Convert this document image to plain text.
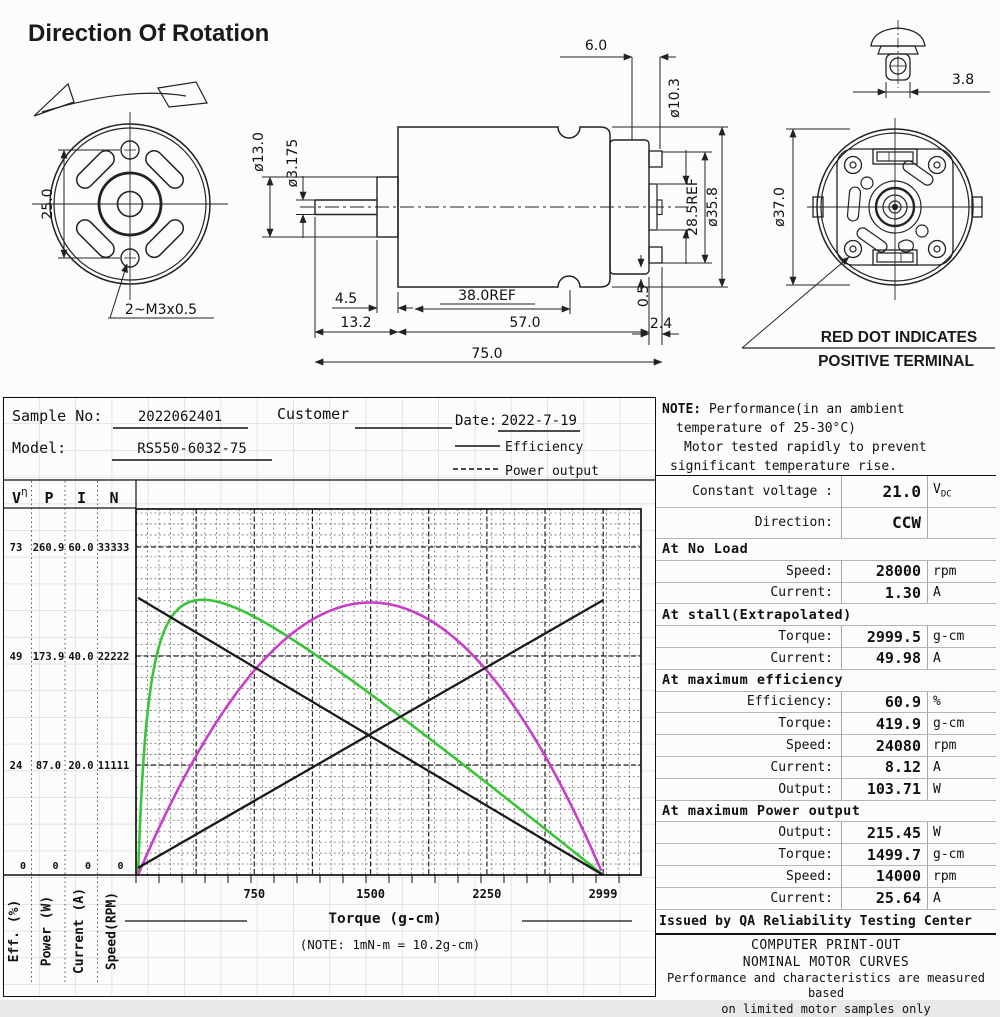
Direction Of Rotation
RED DOT INDICATES
POSITIVE TERMINAL
25.0
2~M3x0.5
ø13.0 ø3.175
4.5
13.2
38.0REF
57.0
75.0
2.4
0.5
6.0
ø10.3
28.5REF ø35.8	ø37.0
3.8
Sample No:	2022062401	Customer	Date: 2022-7-19
Model:	RS550-6032-75	Efficiency
Power output
V η P I N
73 260.9 60.0 33333
49 173.9 40.0 22222
24 87.0 20.0 11111
0	0	0	0
Eff. (%) Power (W) Current (A) Speed(RPM)	750	1500	2250	2999
Torque (g-cm)
(NOTE: 1mN-m = 10.2g-cm)
NOTE: Performance(in an ambient
temperature of 25-30°C)
Motor tested rapidly to prevent
significant temperature rise.
Constant voltage :	21.0 $V_{DC}$
Direction:	CCW
At No Load
Speed:	28000 rpm
Current:	1.30 A
At stall(Extrapolated)
Torque:	2999.5 g-cm
Current:	49.98 A
At maximum efficiency
Efficiency:	60.9 %
Torque:	419.9 g-cm
Speed:	24080 rpm
Current:	8.12 A
Output:	103.71 W
At maximum Power output
Output:	215.45 W
Torque:	1499.7 g-cm
Speed:	14000 rpm
Current:	25.64 A
Issued by QA Reliability Testing Center
COMPUTER PRINT-OUT
NOMINAL MOTOR CURVES
Performance and characteristics are measured based
on limited motor samples only
